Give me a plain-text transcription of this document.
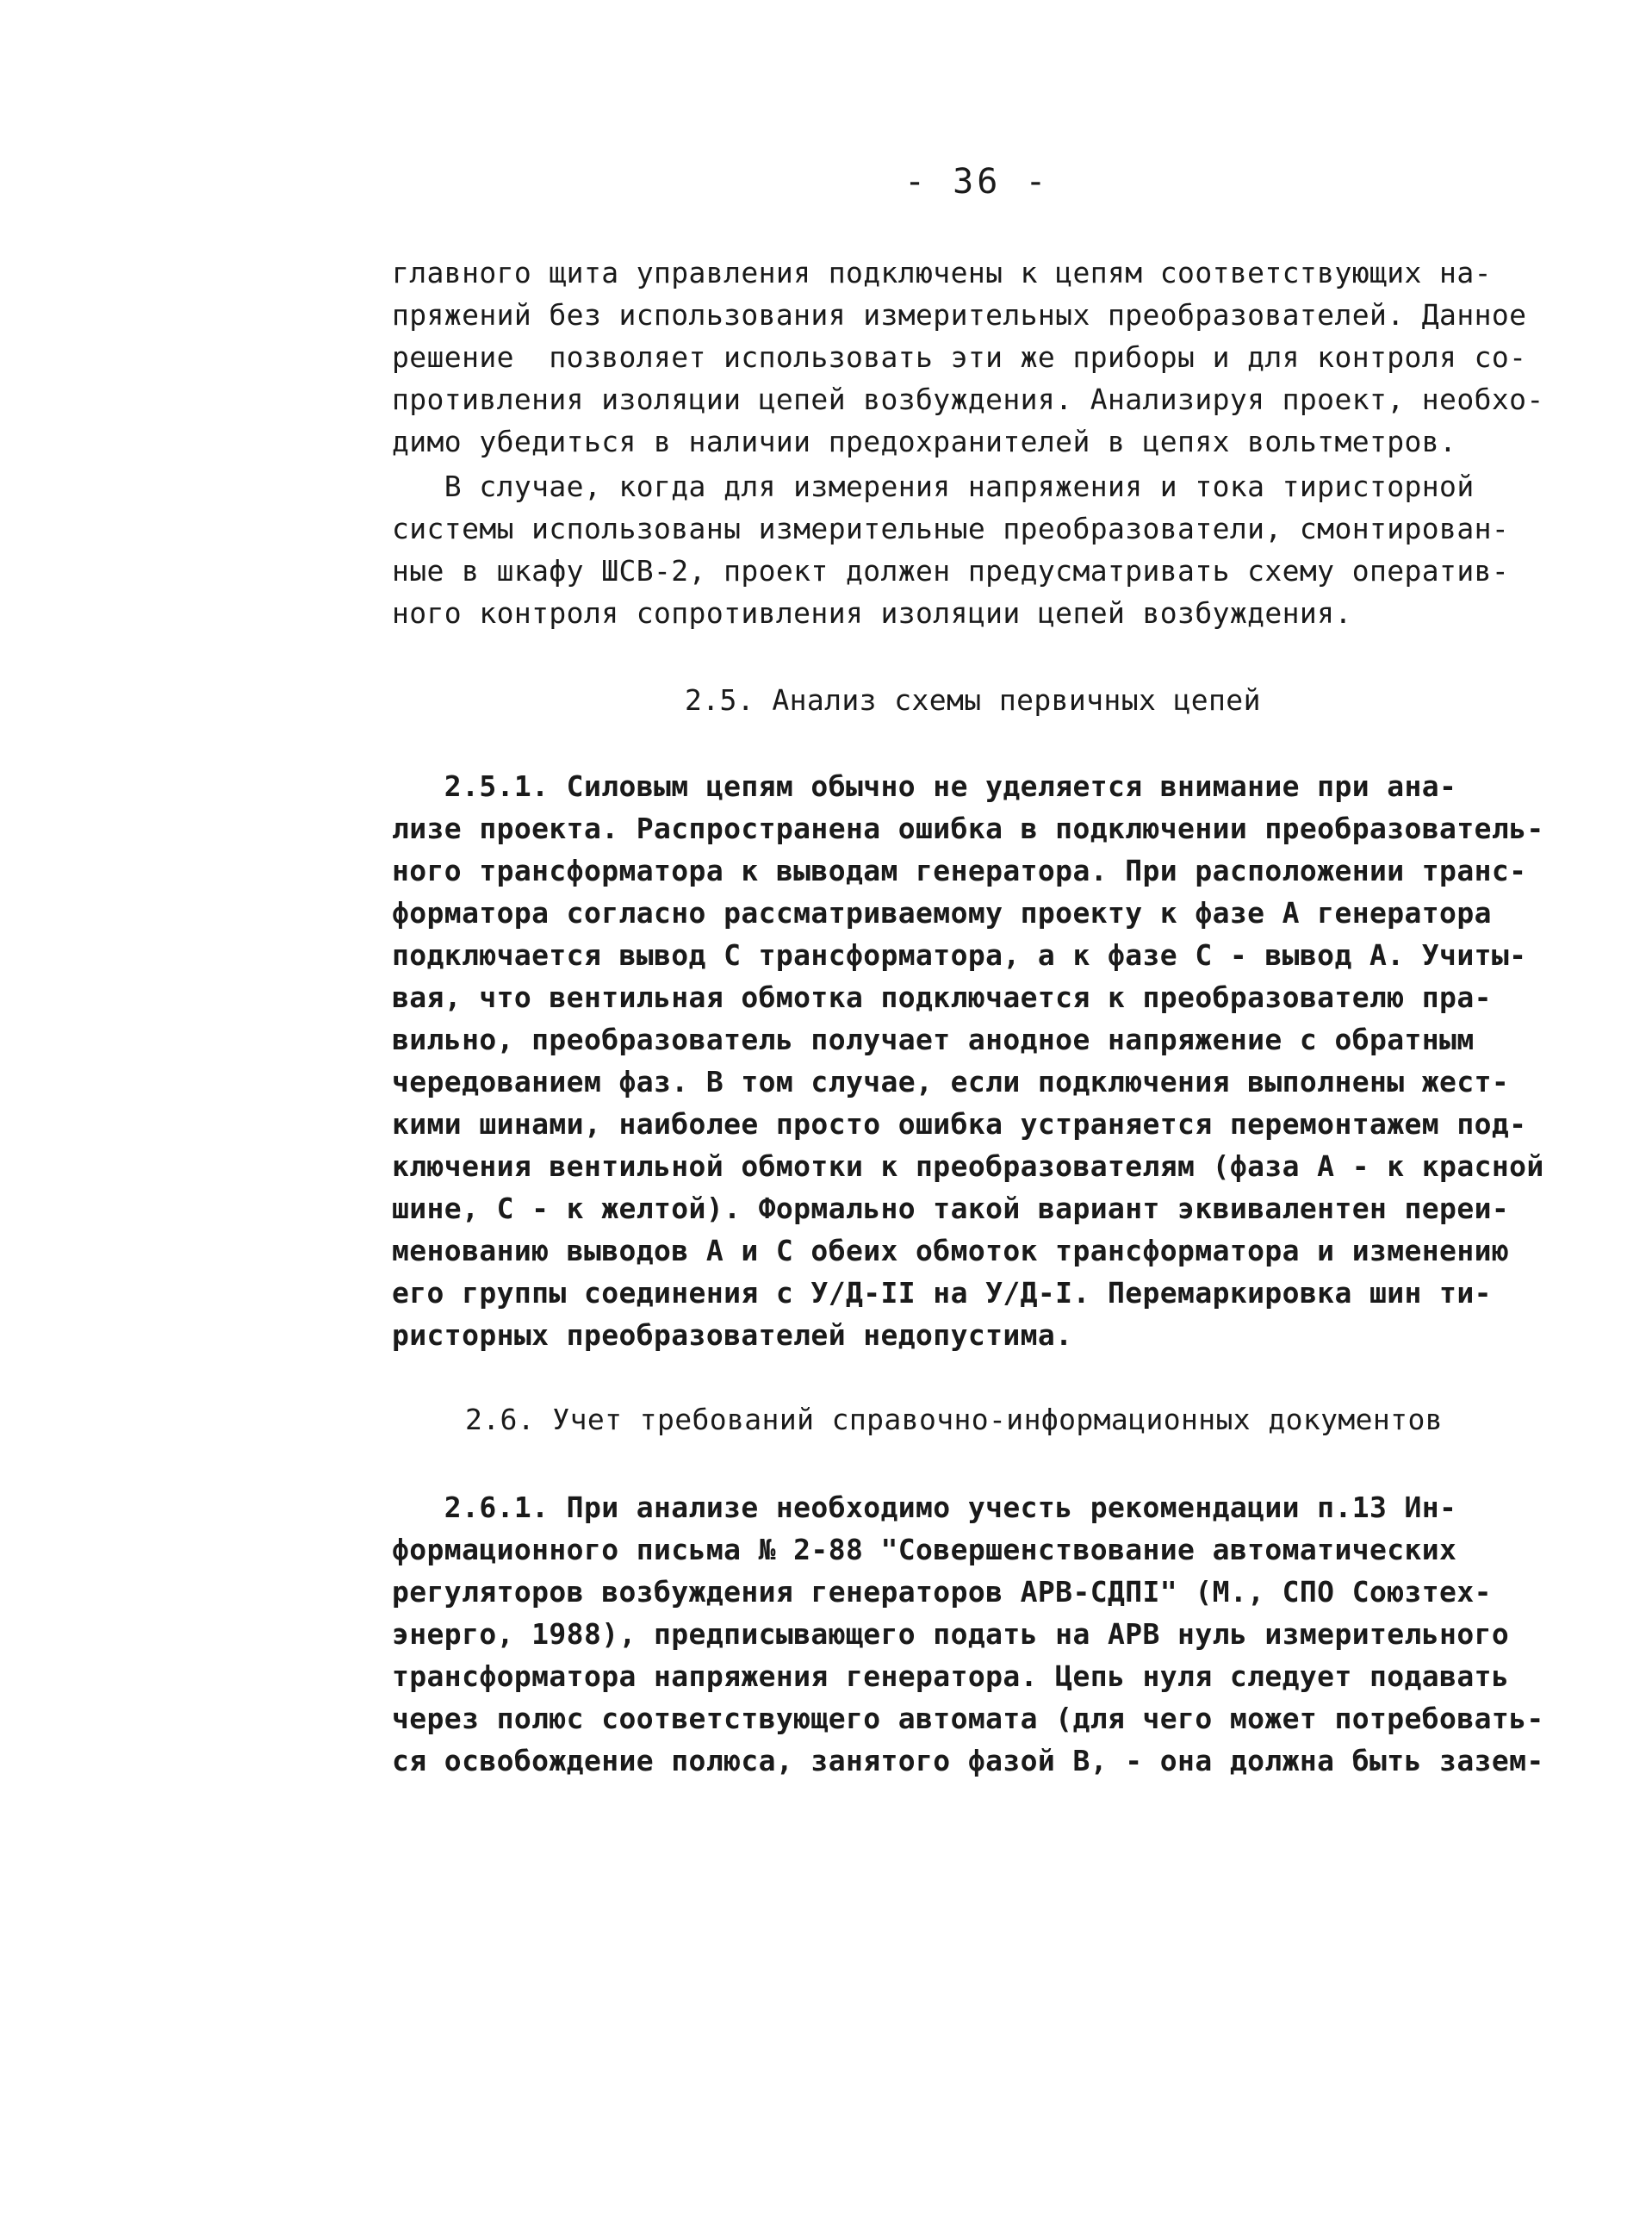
- 36 -
главного щита управления подключены к цепям соответствующих на-
пряжений без использования измерительных преобразователей. Данное
решение  позволяет использовать эти же приборы и для контроля со-
противления изоляции цепей возбуждения. Анализируя проект, необхо-
димо убедиться в наличии предохранителей в цепях вольтметров.
В случае, когда для измерения напряжения и тока тиристорной
системы использованы измерительные преобразователи, смонтирован-
ные в шкафу ШСВ-2, проект должен предусматривать схему оператив-
ного контроля сопротивления изоляции цепей возбуждения.
2.5. Анализ схемы первичных цепей
2.5.1. Силовым цепям обычно не уделяется внимание при ана-
лизе проекта. Распространена ошибка в подключении преобразователь-
ного трансформатора к выводам генератора. При расположении транс-
форматора согласно рассматриваемому проекту к фазе А генератора
подключается вывод С трансформатора, а к фазе С - вывод А. Учиты-
вая, что вентильная обмотка подключается к преобразователю пра-
вильно, преобразователь получает анодное напряжение с обратным
чередованием фаз. В том случае, если подключения выполнены жест-
кими шинами, наиболее просто ошибка устраняется перемонтажем под-
ключения вентильной обмотки к преобразователям (фаза А - к красной
шине, С - к желтой). Формально такой вариант эквивалентен переи-
менованию выводов А и С обеих обмоток трансформатора и изменению
его группы соединения с У/Д-II на У/Д-I. Перемаркировка шин ти-
ристорных преобразователей недопустима.
2.6. Учет требований справочно-информационных документов
2.6.1. При анализе необходимо учесть рекомендации п.13 Ин-
формационного письма № 2-88 "Совершенствование автоматических
регуляторов возбуждения генераторов АРВ-СДПI" (М., СПО Союзтех-
энерго, 1988), предписывающего подать на АРВ нуль измерительного
трансформатора напряжения генератора. Цепь нуля следует подавать
через полюс соответствующего автомата (для чего может потребовать-
ся освобождение полюса, занятого фазой В, - она должна быть зазем-
